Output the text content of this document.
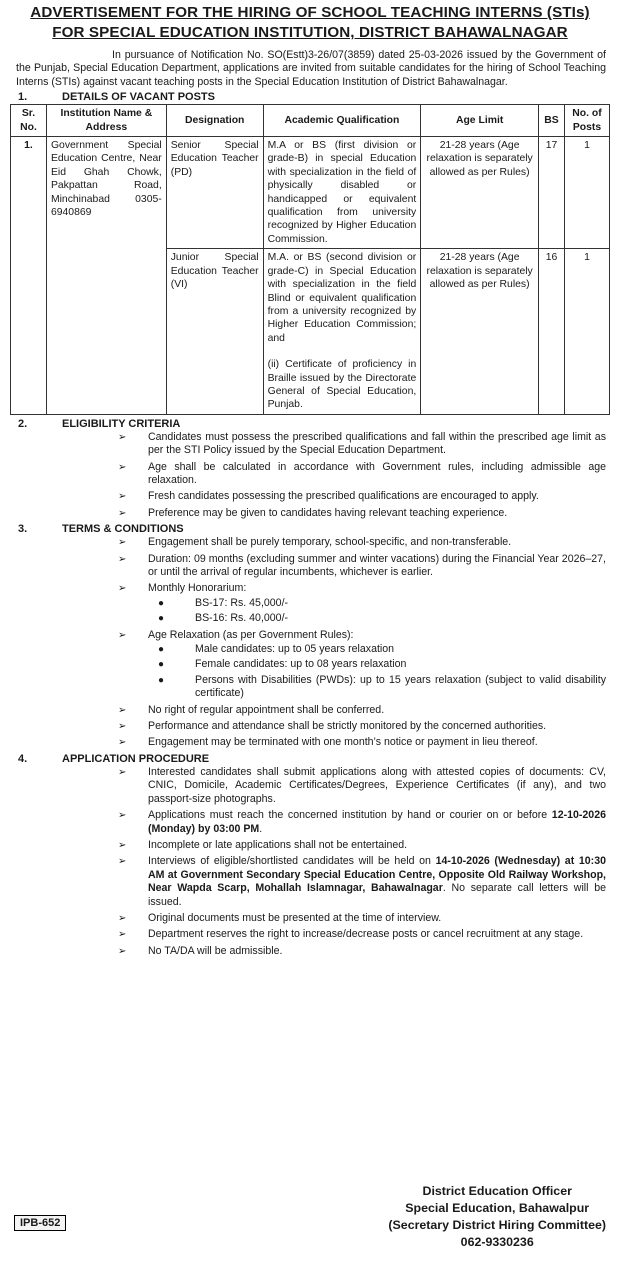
ADVERTISEMENT FOR THE HIRING OF SCHOOL TEACHING INTERNS (STIs)

FOR SPECIAL EDUCATION INSTITUTION, DISTRICT BAHAWALNAGAR

In pursuance of Notification No. SO(Estt)3-26/07(3859) dated 25-03-2026 issued by the Government of the Punjab, Special Education Department, applications are invited from suitable candidates for the hiring of School Teaching Interns (STIs) against vacant teaching posts in the Special Education Institution of District Bahawalnagar.

1.	DETAILS OF VACANT POSTS
Sr. No.	Institution Name & Address	Designation	Academic Qualification	Age Limit	BS	No. of Posts
1.	Government Special Education Centre, Near Eid Ghah Chowk, Pakpattan Road, Minchinabad 0305-6940869	Senior Special Education Teacher (PD)	M.A or BS (first division or grade-B) in special Education with specialization in the field of physically disabled or handicapped or equivalent qualification from university recognized by Higher Education Commission.	21-28 years (Age relaxation is separately allowed as per Rules)	17	1
		Junior Special Education Teacher (VI)	M.A. or BS (second division or grade-C) in Special Education with specialization in the field Blind or equivalent qualification from a university recognized by Higher Education Commission; and
(ii) Certificate of proficiency in Braille issued by the Directorate General of Special Education, Punjab.	21-28 years (Age relaxation is separately allowed as per Rules)	16	1
2.	ELIGIBILITY CRITERIA
➢ Candidates must possess the prescribed qualifications and fall within the prescribed age limit as per the STI Policy issued by the Special Education Department.
➢ Age shall be calculated in accordance with Government rules, including admissible age relaxation.
➢ Fresh candidates possessing the prescribed qualifications are encouraged to apply.
➢ Preference may be given to candidates having relevant teaching experience.
3.	TERMS & CONDITIONS
➢ Engagement shall be purely temporary, school-specific, and non-transferable.
➢ Duration: 09 months (excluding summer and winter vacations) during the Financial Year 2026–27, or until the arrival of regular incumbents, whichever is earlier.
➢ Monthly Honorarium:
●	BS-17: Rs. 45,000/-
●	BS-16: Rs. 40,000/-
➢ Age Relaxation (as per Government Rules):
●	Male candidates: up to 05 years relaxation
●	Female candidates: up to 08 years relaxation
●	Persons with Disabilities (PWDs): up to 15 years relaxation (subject to valid disability certificate)
➢ No right of regular appointment shall be conferred.
➢ Performance and attendance shall be strictly monitored by the concerned authorities.
➢ Engagement may be terminated with one month’s notice or payment in lieu thereof.
4.	APPLICATION PROCEDURE
➢ Interested candidates shall submit applications along with attested copies of documents: CV, CNIC, Domicile, Academic Certificates/Degrees, Experience Certificates (if any), and two passport-size photographs.
➢ Applications must reach the concerned institution by hand or courier on or before 12-10-2026 (Monday) by 03:00 PM.
➢ Incomplete or late applications shall not be entertained.
➢ Interviews of eligible/shortlisted candidates will be held on 14-10-2026 (Wednesday) at 10:30 AM at Government Secondary Special Education Centre, Opposite Old Railway Workshop, Near Wapda Scarp, Mohallah Islamnagar, Bahawalnagar. No separate call letters will be issued.
➢ Original documents must be presented at the time of interview.
➢ Department reserves the right to increase/decrease posts or cancel recruitment at any stage.
➢ No TA/DA will be admissible.
District Education Officer
Special Education, Bahawalpur
(Secretary District Hiring Committee)
062-9330236
IPB-652
